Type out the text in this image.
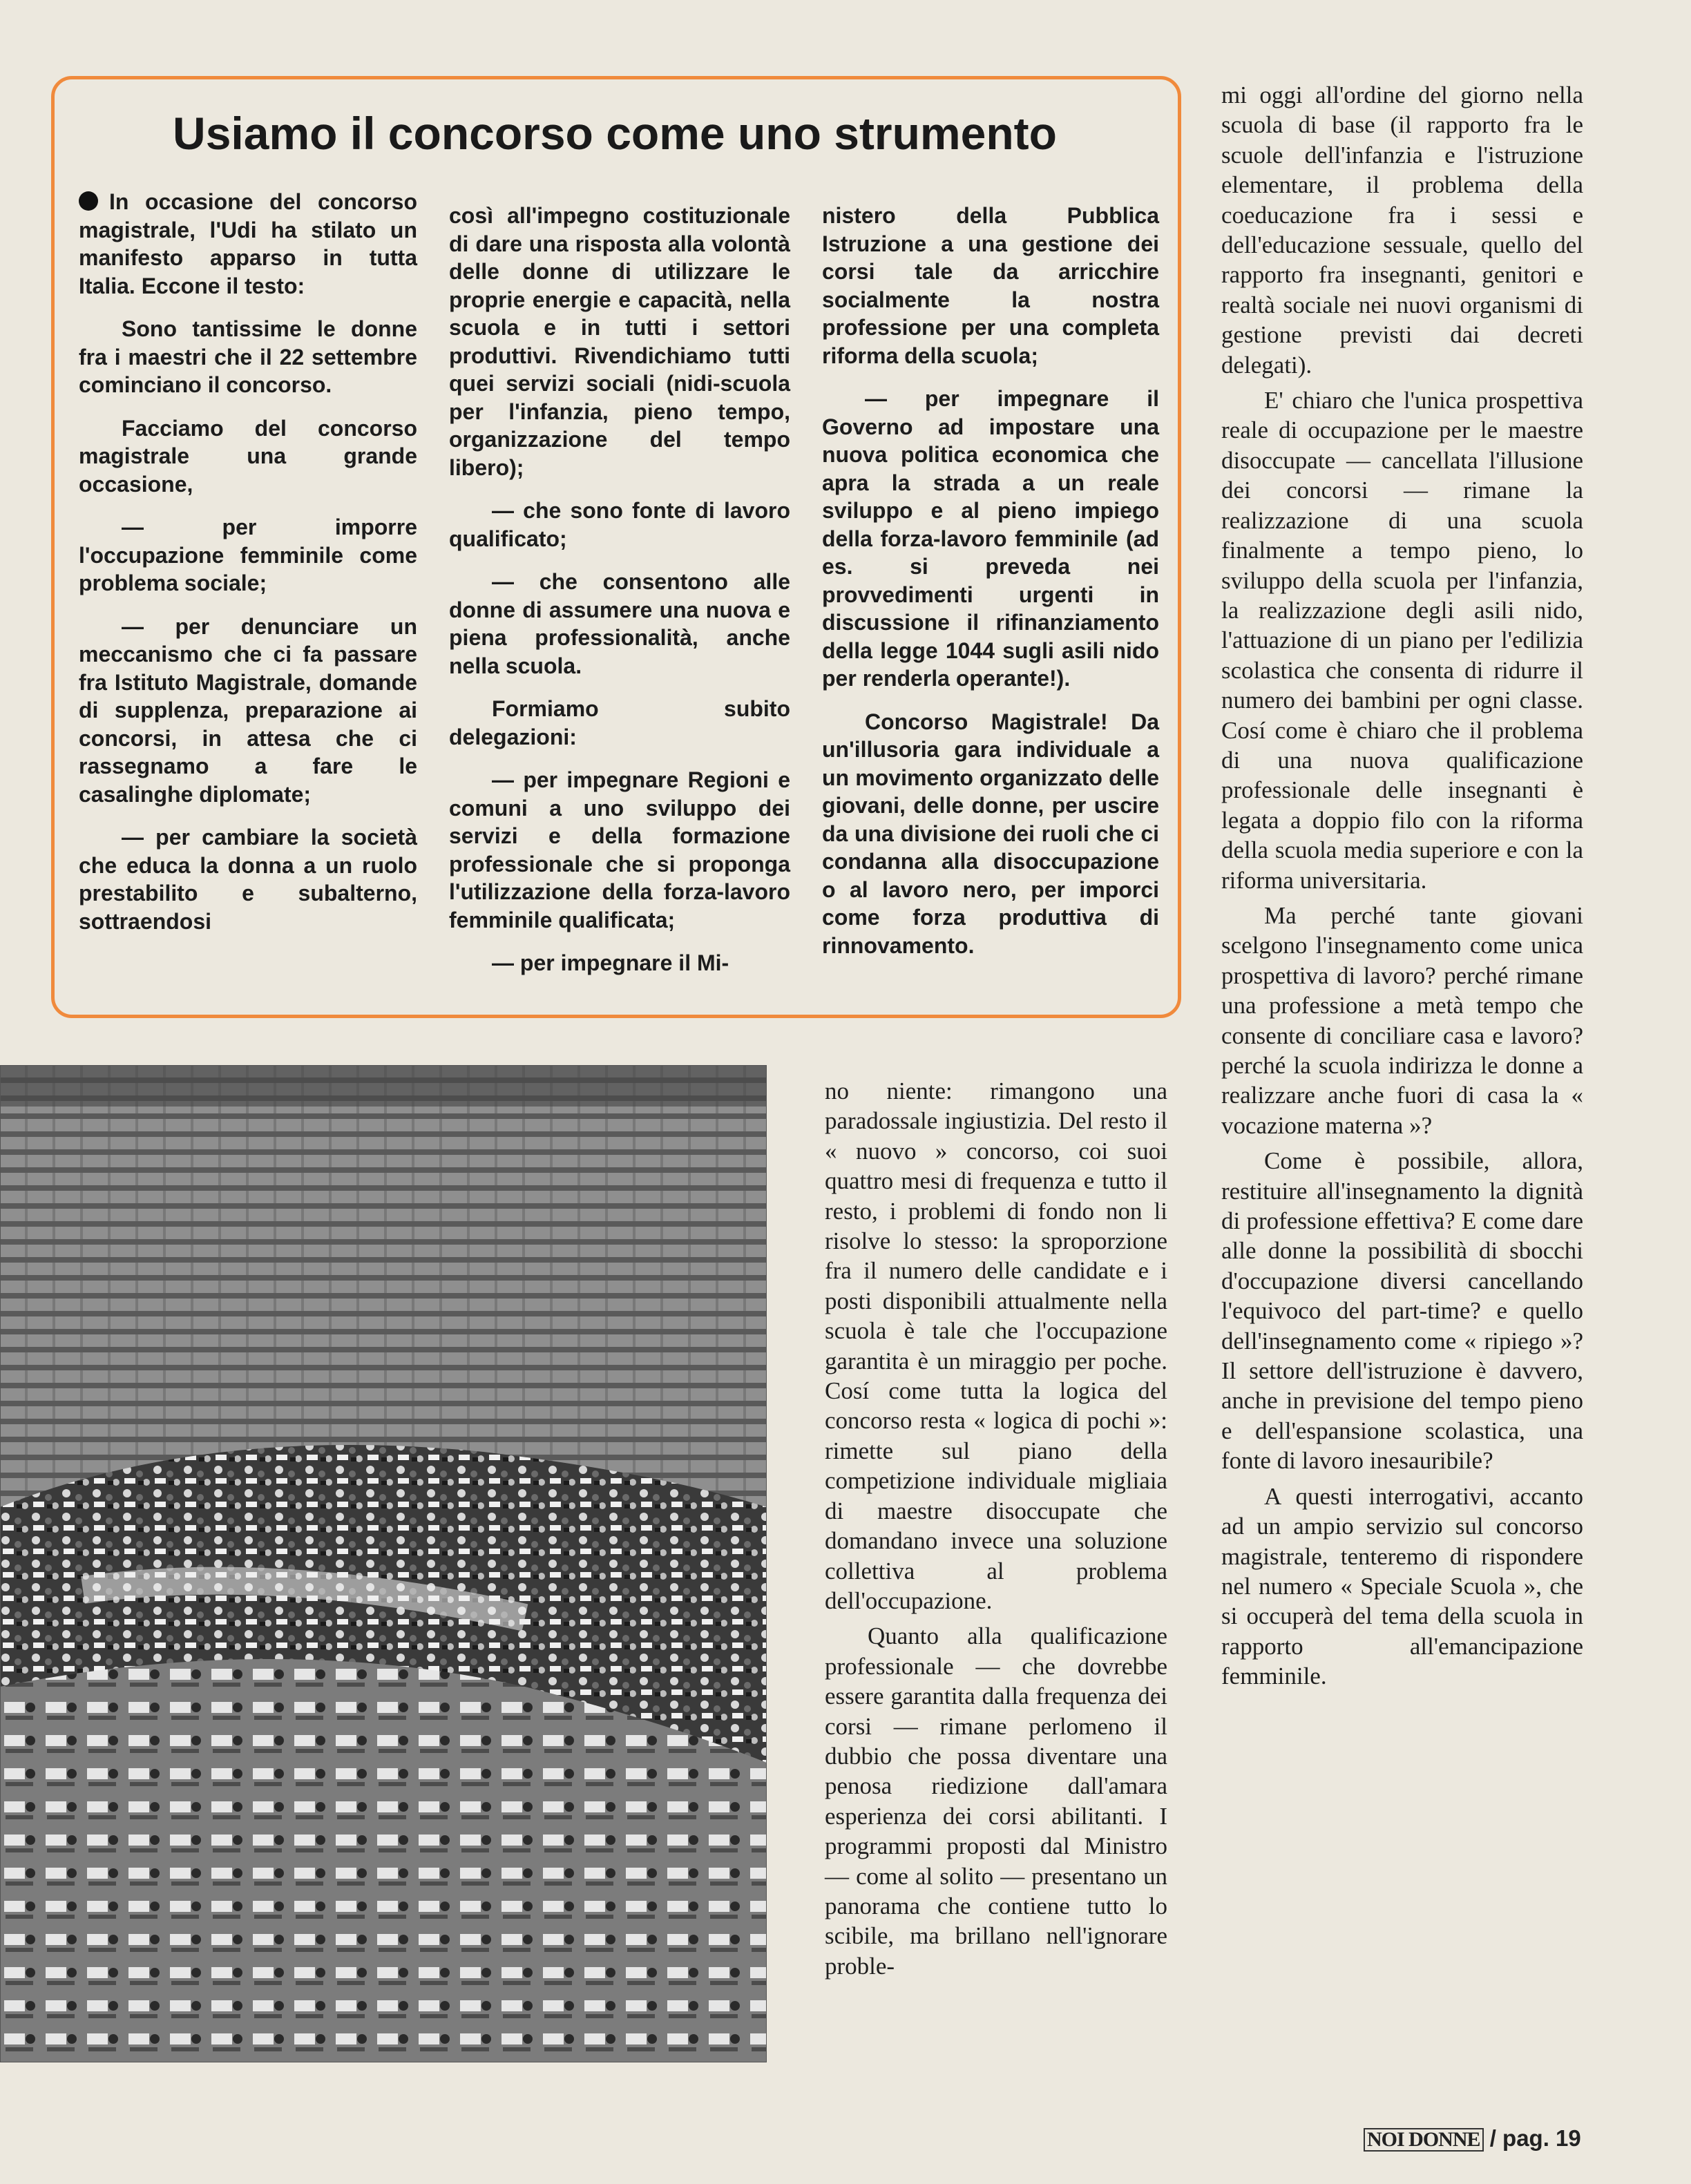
Usiamo il concorso come uno strumento

In occasione del concorso magistrale, l'Udi ha stilato un manifesto apparso in tutta Italia. Eccone il testo:

Sono tantissime le donne fra i maestri che il 22 settembre cominciano il concorso.

Facciamo del concorso magistrale una grande occasione,

— per imporre l'occupazione femminile come problema sociale;

— per denunciare un meccanismo che ci fa passare fra Istituto Magistrale, domande di supplenza, preparazione ai concorsi, in attesa che ci rassegnamo a fare le casalinghe diplomate;

— per cambiare la società che educa la donna a un ruolo prestabilito e subalterno, sottraendosi

così all'impegno costituzionale di dare una risposta alla volontà delle donne di utilizzare le proprie energie e capacità, nella scuola e in tutti i settori produttivi. Rivendichiamo tutti quei servizi sociali (nidi-scuola per l'infanzia, pieno tempo, organizzazione del tempo libero);

— che sono fonte di lavoro qualificato;

— che consentono alle donne di assumere una nuova e piena professionalità, anche nella scuola.

Formiamo subito delegazioni:

— per impegnare Regioni e comuni a uno sviluppo dei servizi e della formazione professionale che si proponga l'utilizzazione della forza-lavoro femminile qualificata;

— per impegnare il Mi-

nistero della Pubblica Istruzione a una gestione dei corsi tale da arricchire socialmente la nostra professione per una completa riforma della scuola;

— per impegnare il Governo ad impostare una nuova politica economica che apra la strada a un reale sviluppo e al pieno impiego della forza-lavoro femminile (ad es. si preveda nei provvedimenti urgenti in discussione il rifinanziamento della legge 1044 sugli asili nido per renderla operante!).

Concorso Magistrale! Da un'illusoria gara individuale a un movimento organizzato delle giovani, delle donne, per uscire da una divisione dei ruoli che ci condanna alla disoccupazione o al lavoro nero, per imporci come forza produttiva di rinnovamento.

no niente: rimangono una paradossale ingiustizia. Del resto il « nuovo » concorso, coi suoi quattro mesi di frequenza e tutto il resto, i problemi di fondo non li risolve lo stesso: la sproporzione fra il numero delle candidate e i posti disponibili attualmente nella scuola è tale che l'occupazione garantita è un miraggio per poche. Cosí come tutta la logica del concorso resta « logica di pochi »: rimette sul piano della competizione individuale migliaia di maestre disoccupate che domandano invece una soluzione collettiva al problema dell'occupazione.

Quanto alla qualificazione professionale — che dovrebbe essere garantita dalla frequenza dei corsi — rimane perlomeno il dubbio che possa diventare una penosa riedizione dall'amara esperienza dei corsi abilitanti. I programmi proposti dal Ministro — come al solito — presentano un panorama che contiene tutto lo scibile, ma brillano nell'ignorare proble-

mi oggi all'ordine del giorno nella scuola di base (il rapporto fra le scuole dell'infanzia e l'istruzione elementare, il problema della coeducazione fra i sessi e dell'educazione sessuale, quello del rapporto fra insegnanti, genitori e realtà sociale nei nuovi organismi di gestione previsti dai decreti delegati).

E' chiaro che l'unica prospettiva reale di occupazione per le maestre disoccupate — cancellata l'illusione dei concorsi — rimane la realizzazione di una scuola finalmente a tempo pieno, lo sviluppo della scuola per l'infanzia, la realizzazione degli asili nido, l'attuazione di un piano per l'edilizia scolastica che consenta di ridurre il numero dei bambini per ogni classe. Cosí come è chiaro che il problema di una nuova qualificazione professionale delle insegnanti è legata a doppio filo con la riforma della scuola media superiore e con la riforma universitaria.

Ma perché tante giovani scelgono l'insegnamento come unica prospettiva di lavoro? perché rimane una professione a metà tempo che consente di conciliare casa e lavoro? perché la scuola indirizza le donne a realizzare anche fuori di casa la « vocazione materna »?

Come è possibile, allora, restituire all'insegnamento la dignità di professione effettiva? E come dare alle donne la possibilità di sbocchi d'occupazione diversi cancellando l'equivoco del part-time? e quello dell'insegnamento come « ripiego »? Il settore dell'istruzione è davvero, anche in previsione del tempo pieno e dell'espansione scolastica, una fonte di lavoro inesauribile?

A questi interrogativi, accanto ad un ampio servizio sul concorso magistrale, tenteremo di rispondere nel numero « Speciale Scuola », che si occuperà del tema della scuola in rapporto all'emancipazione femminile.

NOI DONNE / pag. 19
